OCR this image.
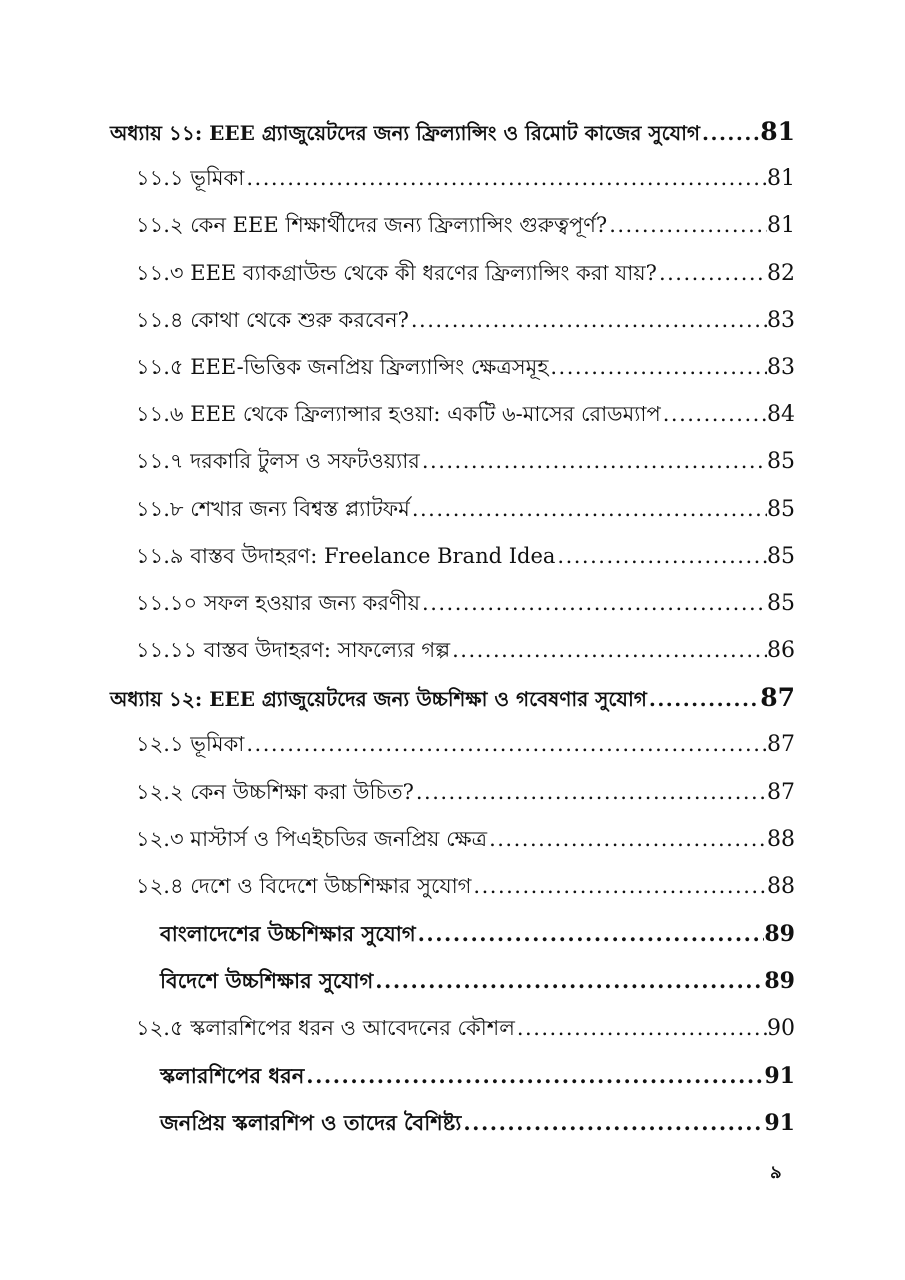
অধ্যায় ১১: EEE গ্র্যাজুয়েটদের জন্য ফ্রিল্যান্সিং ও রিমোট কাজের সুযোগ ..... 81
১১.১ ভূমিকা .....	81
১১.২ কেন EEE শিক্ষার্থীদের জন্য ফ্রিল্যান্সিং গুরুত্বপূর্ণ? .....	81
১১.৩ EEE ব্যাকগ্রাউন্ড থেকে কী ধরণের ফ্রিল্যান্সিং করা যায়? .....	82
১১.৪ কোথা থেকে শুরু করবেন? .....	83
১১.৫ EEE-ভিত্তিক জনপ্রিয় ফ্রিল্যান্সিং ক্ষেত্রসমূহ .....	83
১১.৬ EEE থেকে ফ্রিল্যান্সার হওয়া: একটি ৬-মাসের রোডম্যাপ .....	84
১১.৭ দরকারি টুলস ও সফটওয়্যার .....	85
১১.৮ শেখার জন্য বিশ্বস্ত প্ল্যাটফর্ম .....	85
১১.৯ বাস্তব উদাহরণ: Freelance Brand Idea .....	85
১১.১০ সফল হওয়ার জন্য করণীয় .....	85
১১.১১ বাস্তব উদাহরণ: সাফল্যের গল্প .....	86
অধ্যায় ১২: EEE গ্র্যাজুয়েটদের জন্য উচ্চশিক্ষা ও গবেষণার সুযোগ .....	87
১২.১ ভূমিকা .....	87
১২.২ কেন উচ্চশিক্ষা করা উচিত? .....	87
১২.৩ মাস্টার্স ও পিএইচডির জনপ্রিয় ক্ষেত্র .....	88
১২.৪ দেশে ও বিদেশে উচ্চশিক্ষার সুযোগ .....	88
বাংলাদেশের উচ্চশিক্ষার সুযোগ .....	89
বিদেশে উচ্চশিক্ষার সুযোগ .....	89
১২.৫ স্কলারশিপের ধরন ও আবেদনের কৌশল .....	90
স্কলারশিপের ধরন .....	91
জনপ্রিয় স্কলারশিপ ও তাদের বৈশিষ্ট্য .....	91
৯
